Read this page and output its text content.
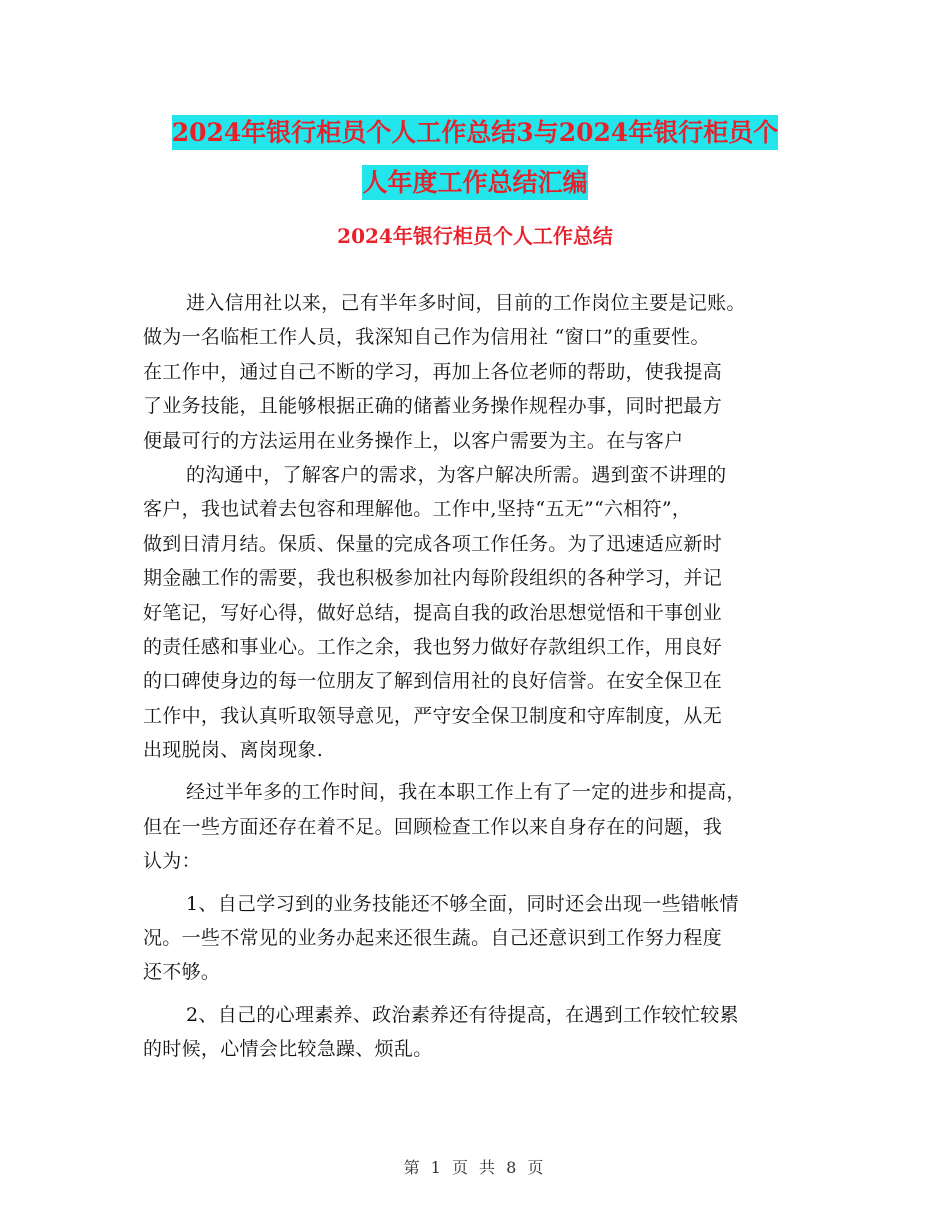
2024年银行柜员个人工作总结3与2024年银行柜员个
人年度工作总结汇编
2024年银行柜员个人工作总结
进入信用社以来，己有半年多时间，目前的工作岗位主要是记账。
做为一名临柜工作人员，我深知自己作为信用社 “窗口”的重要性。
在工作中，通过自己不断的学习，再加上各位老师的帮助，使我提高
了业务技能，且能够根据正确的储蓄业务操作规程办事，同时把最方
便最可行的方法运用在业务操作上，以客户需要为主。在与客户
的沟通中，了解客户的需求，为客户解决所需。遇到蛮不讲理的
客户，我也试着去包容和理解他。工作中,坚持“五无”“六相符”，
做到日清月结。保质、保量的完成各项工作任务。为了迅速适应新时
期金融工作的需要，我也积极参加社内每阶段组织的各种学习，并记
好笔记，写好心得，做好总结，提高自我的政治思想觉悟和干事创业
的责任感和事业心。工作之余，我也努力做好存款组织工作，用良好
的口碑使身边的每一位朋友了解到信用社的良好信誉。在安全保卫在
工作中，我认真听取领导意见，严守安全保卫制度和守库制度，从无
出现脱岗、离岗现象.
经过半年多的工作时间，我在本职工作上有了一定的进步和提高，
但在一些方面还存在着不足。回顾检查工作以来自身存在的问题，我
认为：
1、自己学习到的业务技能还不够全面，同时还会出现一些错帐情
况。一些不常见的业务办起来还很生蔬。自己还意识到工作努力程度
还不够。
2、自己的心理素养、政治素养还有待提高，在遇到工作较忙较累
的时候，心情会比较急躁、烦乱。
第 1 页 共 8 页
